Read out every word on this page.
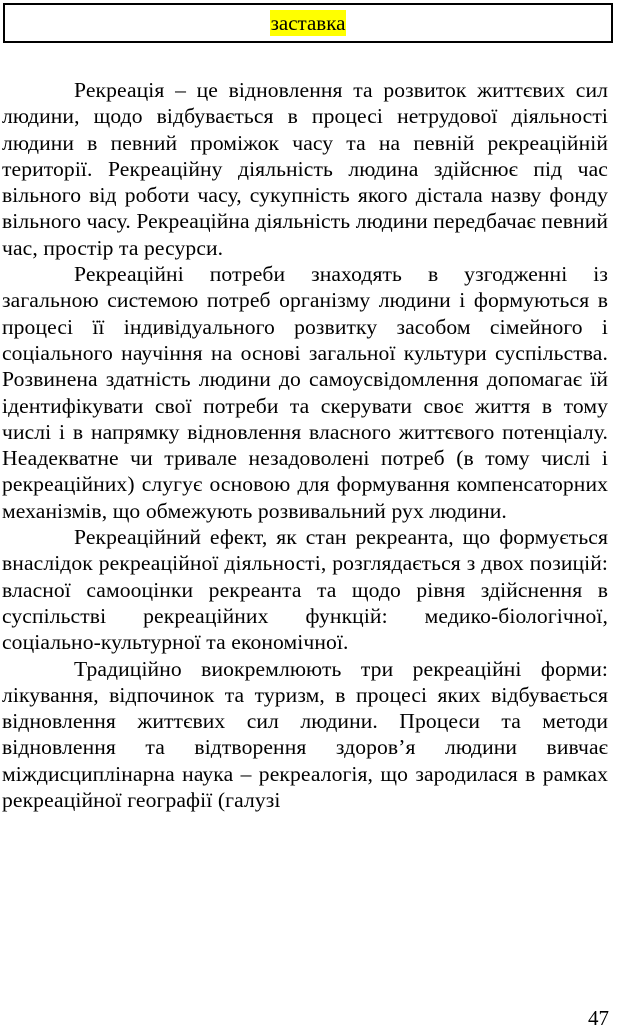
заставка

Рекреація – це відновлення та розвиток життєвих сил людини, щодо відбувається в процесі нетрудової діяльності людини в певний проміжок часу та на певній рекреаційній території. Рекреаційну діяльність людина здійснює під час вільного від роботи часу, сукупність якого дістала назву фонду вільного часу. Рекреаційна діяльність людини передбачає певний час, простір та ресурси.

Рекреаційні потреби знаходять в узгодженні із загальною системою потреб організму людини і формуються в процесі її індивідуального розвитку засобом сімейного і соціального научіння на основі загальної культури суспільства. Розвинена здатність людини до самоусвідомлення допомагає їй ідентифікувати свої потреби та скерувати своє життя в тому числі і в напрямку відновлення власного життєвого потенціалу. Неадекватне чи тривале незадоволені потреб (в тому числі і рекреаційних) слугує основою для формування компенсаторних механізмів, що обмежують розвивальний рух людини.

Рекреаційний ефект, як стан рекреанта, що формується внаслідок рекреаційної діяльності, розглядається з двох позицій: власної самооцінки рекреанта та щодо рівня здійснення в суспільстві рекреаційних функцій: медико-біологічної, соціально-культурної та економічної.

Традиційно виокремлюють три рекреаційні форми: лікування, відпочинок та туризм, в процесі яких відбувається відновлення життєвих сил людини. Процеси та методи відновлення та відтворення здоров’я людини вивчає міждисциплінарна наука – рекреалогія, що зародилася в рамках рекреаційної географії (галузі

47
